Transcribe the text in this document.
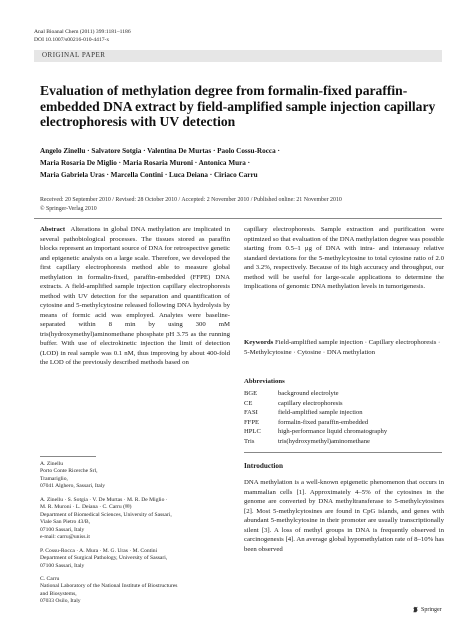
Anal Bioanal Chem (2011) 399:1181–1186
DOI 10.1007/s00216-010-4417-x
ORIGINAL PAPER
Evaluation of methylation degree from formalin-fixed paraffin-embedded DNA extract by field-amplified sample injection capillary electrophoresis with UV detection
Angelo Zinellu · Salvatore Sotgia · Valentina De Murtas · Paolo Cossu-Rocca ·
Maria Rosaria De Miglio · Maria Rosaria Muroni · Antonica Mura ·
Maria Gabriela Uras · Marcella Contini · Luca Deiana · Ciriaco Carru
Received: 20 September 2010 / Revised: 28 October 2010 / Accepted: 2 November 2010 / Published online: 21 November 2010
© Springer-Verlag 2010

Abstract Alterations in global DNA methylation are implicated in several pathobiological processes. The tissues stored as paraffin blocks represent an important source of DNA for retrospective genetic and epigenetic analysis on a large scale. Therefore, we developed the first capillary electrophoresis method able to measure global methylation in formalin-fixed, paraffin-embedded (FFPE) DNA extracts. A field-amplified sample injection capillary electrophoresis method with UV detection for the separation and quantification of cytosine and 5-methylcytosine released following DNA hydrolysis by means of formic acid was employed. Analytes were baseline-separated within 8 min by using 300 mM tris(hydroxymethyl)aminomethane phosphate pH 3.75 as the running buffer. With use of electrokinetic injection the limit of detection (LOD) in real sample was 0.1 nM, thus improving by about 400-fold the LOD of the previously described methods based on

capillary electrophoresis. Sample extraction and purification were optimized so that evaluation of the DNA methylation degree was possible starting from 0.5–1 µg of DNA with intra- and interassay relative standard deviations for the 5-methylcytosine to total cytosine ratio of 2.0 and 3.2%, respectively. Because of its high accuracy and throughput, our method will be useful for large-scale applications to determine the implications of genomic DNA methylation levels in tumorigenesis.

Keywords Field-amplified sample injection · Capillary electrophoresis · 5-Methylcytosine · Cytosine · DNA methylation
Abbreviations
BGE	background electrolyte
CE	capillary electrophoresis
FASI	field-amplified sample injection
FFPE	formalin-fixed paraffin-embedded
HPLC	high-performance liquid chromatography
Tris	tris(hydroxymethyl)aminomethane
A. Zinellu
Porto Conte Ricerche Srl,
Tramariglio,
07041 Alghero, Sassari, Italy
A. Zinellu · S. Sotgia · V. De Murtas · M. R. De Miglio ·
M. R. Muroni · L. Deiana · C. Carru (✉)
Department of Biomedical Sciences, University of Sassari,
Viale San Pietro 43/B,
07100 Sassari, Italy
e-mail: carru@uniss.it
P. Cossu-Rocca · A. Mura · M. G. Uras · M. Contini
Department of Surgical Pathology, University of Sassari,
07100 Sassari, Italy
C. Carru
National Laboratory of the National Institute of Biostructures
and Biosystems,
07033 Osilo, Italy
Introduction

DNA methylation is a well-known epigenetic phenomenon that occurs in mammalian cells [1]. Approximately 4–5% of the cytosines in the genome are converted by DNA methyltransferase to 5-methylcytosines [2]. Most 5-methylcytosines are found in CpG islands, and genes with abundant 5-methylcytosine in their promoter are usually transcriptionally silent [3]. A loss of methyl groups in DNA is frequently observed in carcinogenesis [4]. An average global hypomethylation rate of 8–10% has been observed

Springer
